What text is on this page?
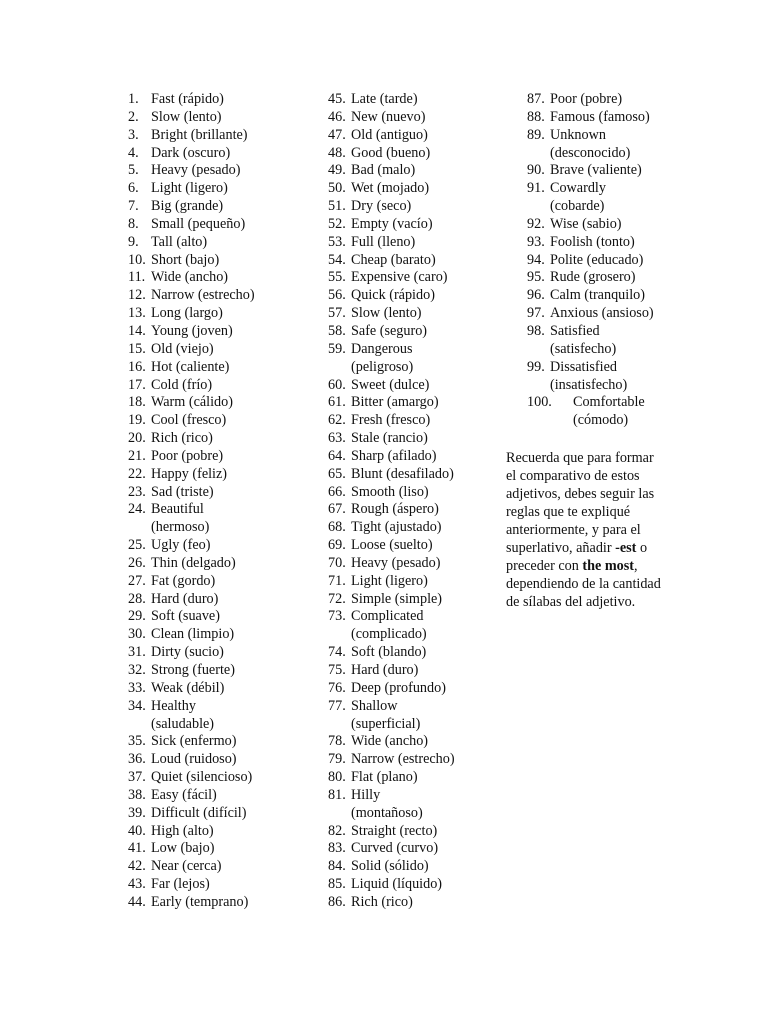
1. Fast (rápido)
2. Slow (lento)
3. Bright (brillante)
4. Dark (oscuro)
5. Heavy (pesado)
6. Light (ligero)
7. Big (grande)
8. Small (pequeño)
9. Tall (alto)
10. Short (bajo)
11. Wide (ancho)
12. Narrow (estrecho)
13. Long (largo)
14. Young (joven)
15. Old (viejo)
16. Hot (caliente)
17. Cold (frío)
18. Warm (cálido)
19. Cool (fresco)
20. Rich (rico)
21. Poor (pobre)
22. Happy (feliz)
23. Sad (triste)
24. Beautiful
(hermoso)
25. Ugly (feo)
26. Thin (delgado)
27. Fat (gordo)
28. Hard (duro)
29. Soft (suave)
30. Clean (limpio)
31. Dirty (sucio)
32. Strong (fuerte)
33. Weak (débil)
34. Healthy
(saludable)
35. Sick (enfermo)
36. Loud (ruidoso)
37. Quiet (silencioso)
38. Easy (fácil)
39. Difficult (difícil)
40. High (alto)
41. Low (bajo)
42. Near (cerca)
43. Far (lejos)
44. Early (temprano)
45. Late (tarde)
46. New (nuevo)
47. Old (antiguo)
48. Good (bueno)
49. Bad (malo)
50. Wet (mojado)
51. Dry (seco)
52. Empty (vacío)
53. Full (lleno)
54. Cheap (barato)
55. Expensive (caro)
56. Quick (rápido)
57. Slow (lento)
58. Safe (seguro)
59. Dangerous
(peligroso)
60. Sweet (dulce)
61. Bitter (amargo)
62. Fresh (fresco)
63. Stale (rancio)
64. Sharp (afilado)
65. Blunt (desafilado)
66. Smooth (liso)
67. Rough (áspero)
68. Tight (ajustado)
69. Loose (suelto)
70. Heavy (pesado)
71. Light (ligero)
72. Simple (simple)
73. Complicated
(complicado)
74. Soft (blando)
75. Hard (duro)
76. Deep (profundo)
77. Shallow
(superficial)
78. Wide (ancho)
79. Narrow (estrecho)
80. Flat (plano)
81. Hilly
(montañoso)
82. Straight (recto)
83. Curved (curvo)
84. Solid (sólido)
85. Liquid (líquido)
86. Rich (rico)
87. Poor (pobre)
88. Famous (famoso)
89. Unknown
(desconocido)
90. Brave (valiente)
91. Cowardly
(cobarde)
92. Wise (sabio)
93. Foolish (tonto)
94. Polite (educado)
95. Rude (grosero)
96. Calm (tranquilo)
97. Anxious (ansioso)
98. Satisfied
(satisfecho)
99. Dissatisfied
(insatisfecho)
100.	Comfortable
(cómodo)

Recuerda que para formar el comparativo de estos adjetivos, debes seguir las reglas que te expliqué anteriormente, y para el superlativo, añadir -est o preceder con the most, dependiendo de la cantidad de sílabas del adjetivo.
